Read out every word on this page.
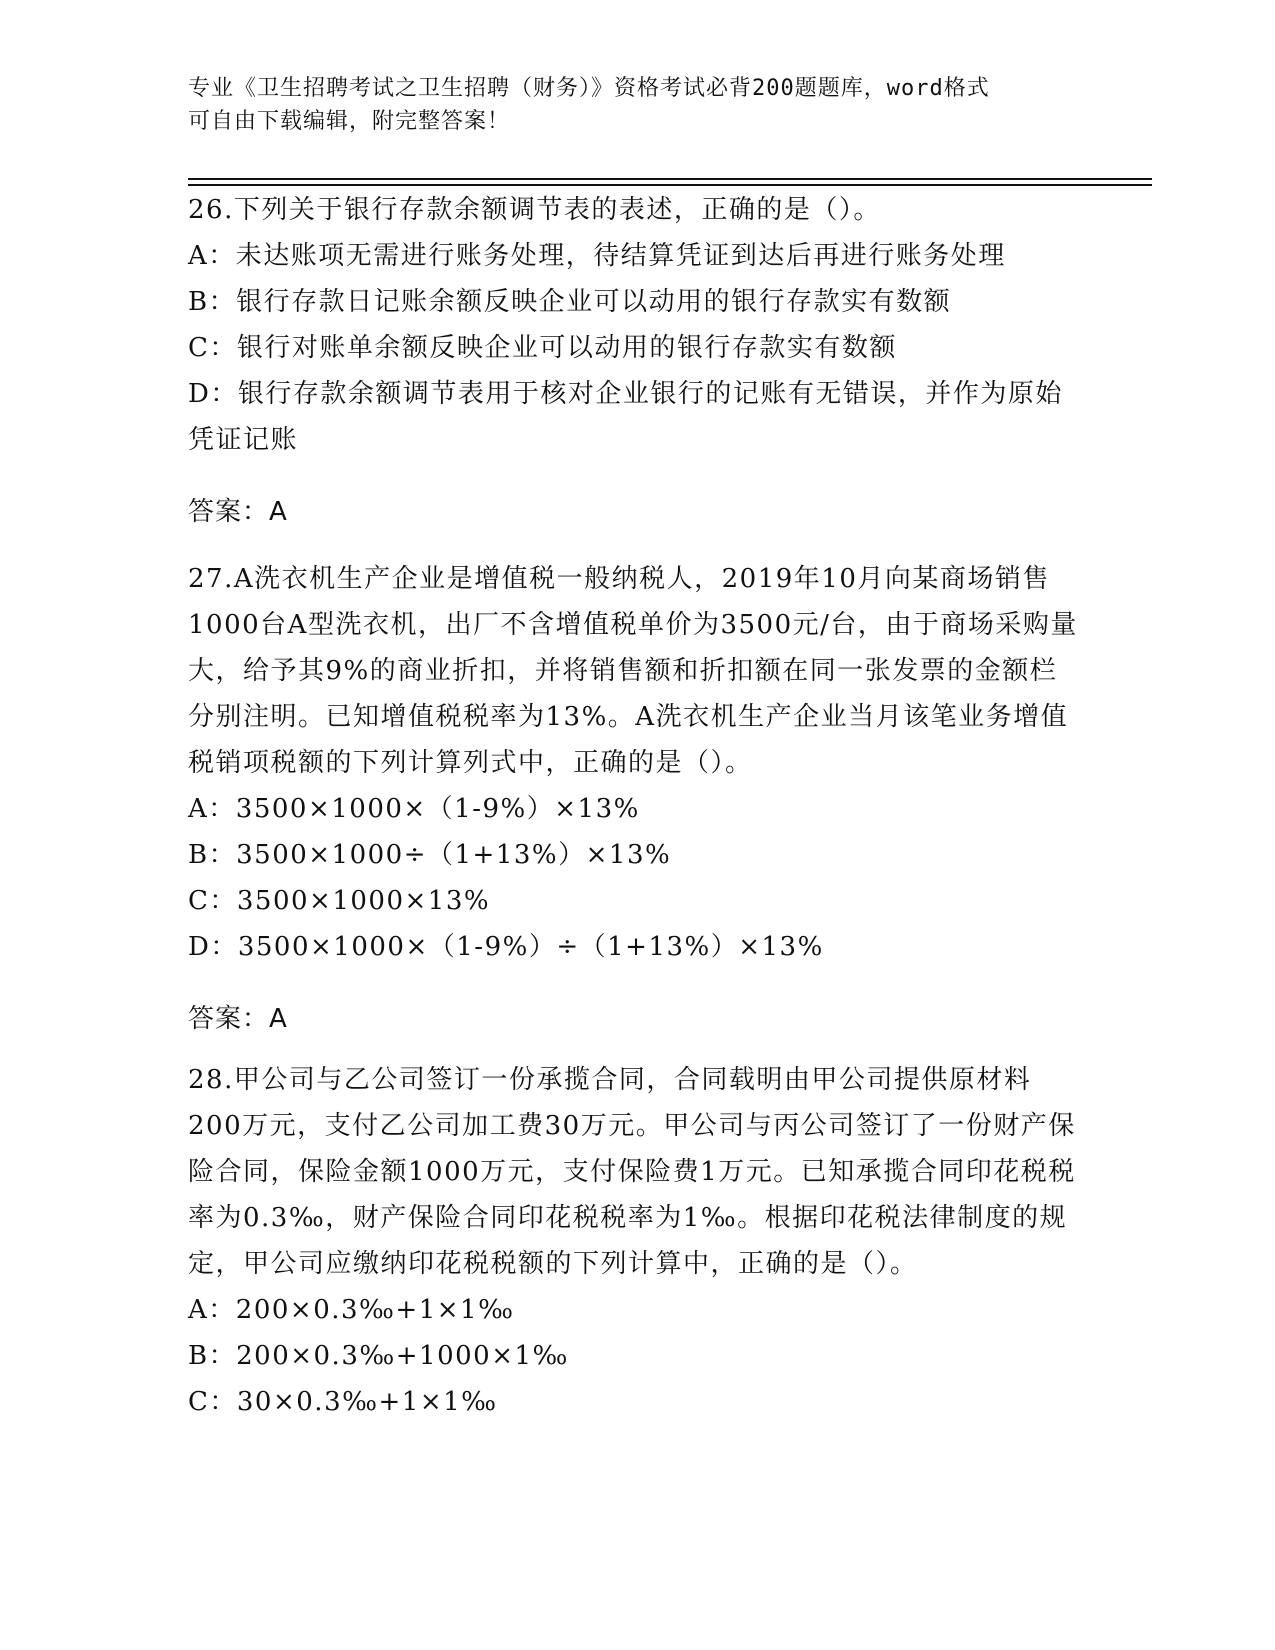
专业《卫生招聘考试之卫生招聘（财务）》资格考试必背200题题库，word格式
可自由下载编辑，附完整答案！

26.下列关于银行存款余额调节表的表述，正确的是（）。

A：未达账项无需进行账务处理，待结算凭证到达后再进行账务处理

B：银行存款日记账余额反映企业可以动用的银行存款实有数额

C：银行对账单余额反映企业可以动用的银行存款实有数额

D：银行存款余额调节表用于核对企业银行的记账有无错误，并作为原始凭证记账

答案：A

27.A洗衣机生产企业是增值税一般纳税人，2019年10月向某商场销售1000台A型洗衣机，出厂不含增值税单价为3500元/台，由于商场采购量大，给予其9%的商业折扣，并将销售额和折扣额在同一张发票的金额栏分别注明。已知增值税税率为13%。A洗衣机生产企业当月该笔业务增值税销项税额的下列计算列式中，正确的是（）。

A：3500×1000×（1-9%）×13%

B：3500×1000÷（1+13%）×13%

C：3500×1000×13%

D：3500×1000×（1-9%）÷（1+13%）×13%

答案：A

28.甲公司与乙公司签订一份承揽合同，合同载明由甲公司提供原材料200万元，支付乙公司加工费30万元。甲公司与丙公司签订了一份财产保险合同，保险金额1000万元，支付保险费1万元。已知承揽合同印花税税率为0.3‰，财产保险合同印花税税率为1‰。根据印花税法律制度的规定，甲公司应缴纳印花税税额的下列计算中，正确的是（）。

A：200×0.3‰+1×1‰

B：200×0.3‰+1000×1‰

C：30×0.3‰+1×1‰
